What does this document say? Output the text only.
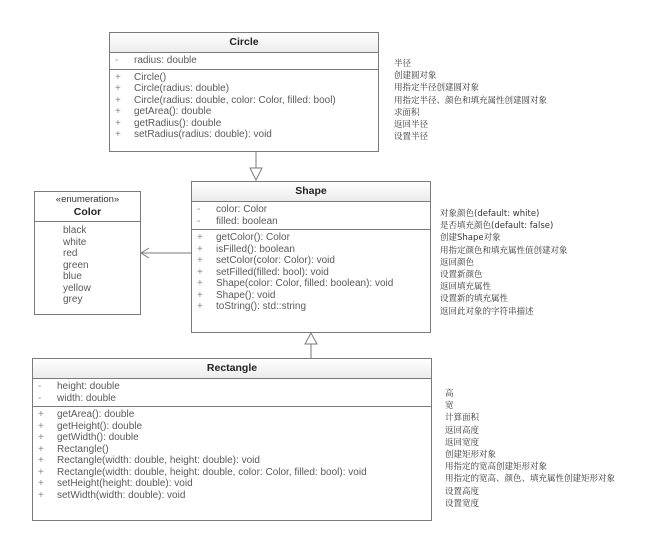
Circle
-	radius: double
+	Circle()
+	Circle(radius: double)
+	Circle(radius: double, color: Color, filled: bool)
+	getArea(): double
+	getRadius(): double
+	setRadius(radius: double): void
半径
创建圆对象
用指定半径创建圆对象
用指定半径、颜色和填充属性创建圆对象
求面积
返回半径
设置半径
«enumeration»
Color
black
white
red
green
blue
yellow
grey
Shape
-	color: Color
-	filled: boolean
+	getColor(): Color
+	isFilled(): boolean
+	setColor(color: Color): void
+	setFilled(filled: bool): void
+	Shape(color: Color, filled: boolean): void
+	Shape(): void
+	toString(): std::string
对象颜色(default: white)
是否填充颜色(default: false)
创建Shape对象
用指定颜色和填充属性值创建对象
返回颜色
设置新颜色
返回填充属性
设置新的填充属性
返回此对象的字符串描述
Rectangle
-	height: double
-	width: double
+	getArea(): double
+	getHeight(): double
+	getWidth(): double
+	Rectangle()
+	Rectangle(width: double, height: double): void
+	Rectangle(width: double, height: double, color: Color, filled: bool): void
+	setHeight(height: double): void
+	setWidth(width: double): void
高
宽
计算面积
返回高度
返回宽度
创建矩形对象
用指定的宽高创建矩形对象
用指定的宽高、颜色、填充属性创建矩形对象
设置高度
设置宽度
